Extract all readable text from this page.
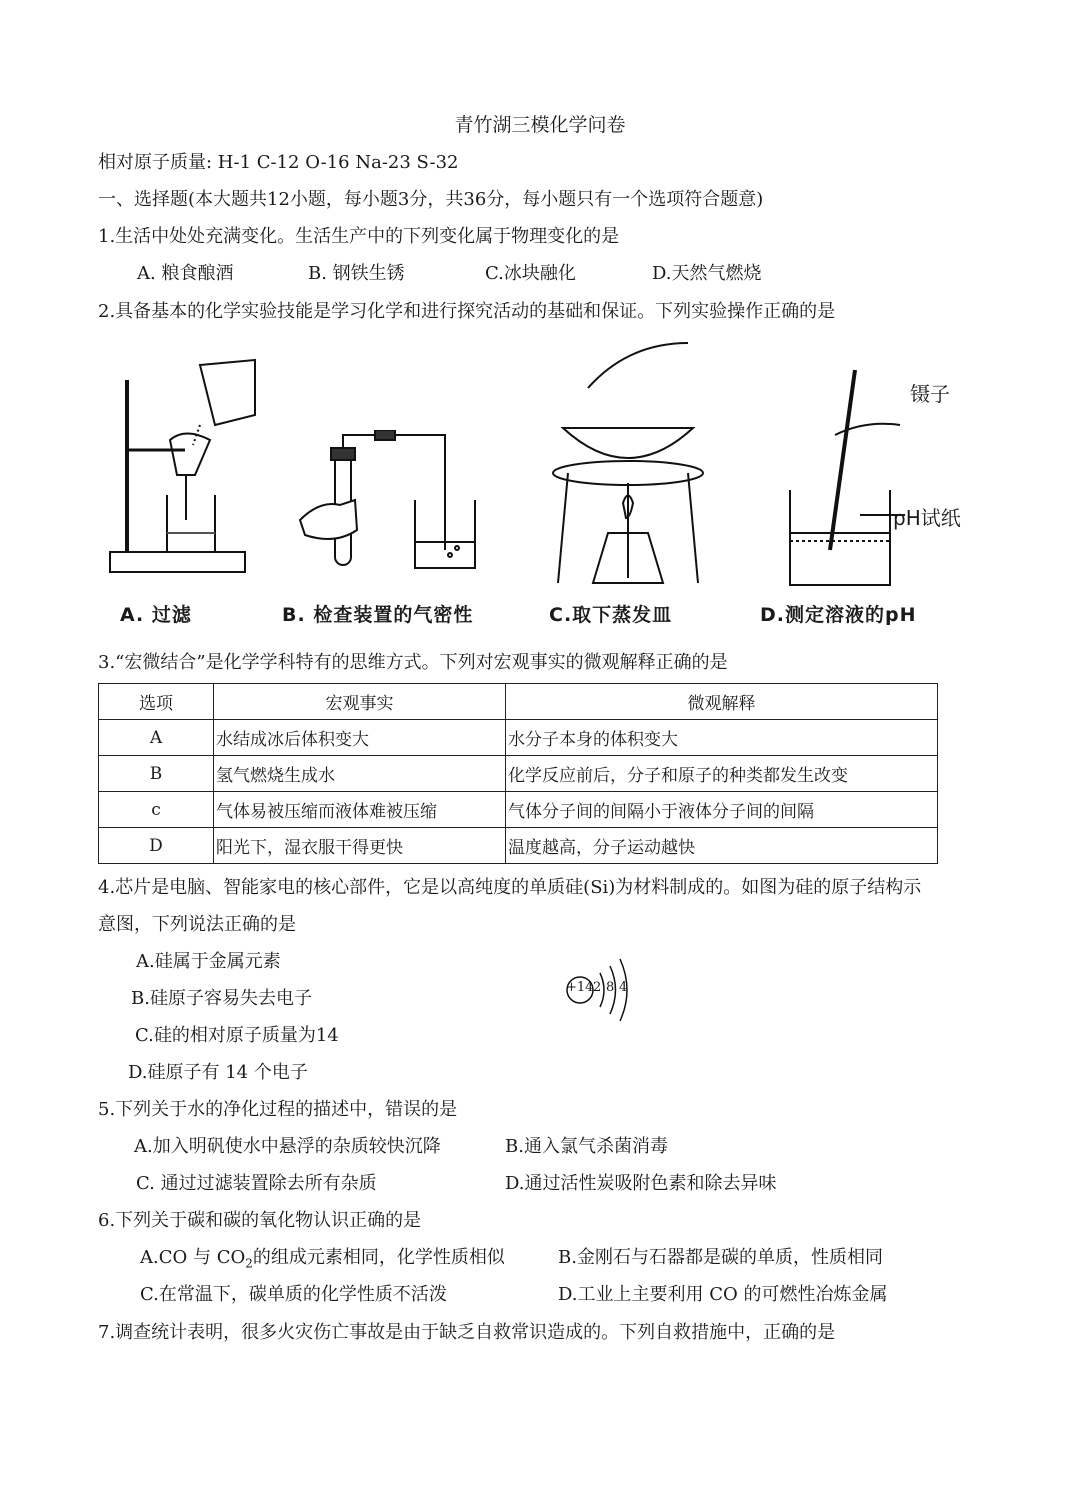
青竹湖三模化学问卷
相对原子质量: H-1 C-12 O-16 Na-23 S-32
一、选择题(本大题共12小题，每小题3分，共36分，每小题只有一个选项符合题意)
1.生活中处处充满变化。生活生产中的下列变化属于物理变化的是
A. 粮食酿酒	B. 钢铁生锈	C.冰块融化	D.天然气燃烧
2.具备基本的化学实验技能是学习化学和进行探究活动的基础和保证。下列实验操作正确的是
镊子
pH试纸
A. 过滤	B. 检查装置的气密性	C.取下蒸发皿	D.测定溶液的pH
3.“宏微结合”是化学学科特有的思维方式。下列对宏观事实的微观解释正确的是
选项	宏观事实	微观解释
A	水结成冰后体积变大	水分子本身的体积变大
B	氢气燃烧生成水	化学反应前后，分子和原子的种类都发生改变
c	气体易被压缩而液体难被压缩	气体分子间的间隔小于液体分子间的间隔
D	阳光下，湿衣服干得更快	温度越高，分子运动越快
4.芯片是电脑、智能家电的核心部件，它是以高纯度的单质硅(Si)为材料制成的。如图为硅的原子结构示
意图，下列说法正确的是
A.硅属于金属元素
B.硅原子容易失去电子
C.硅的相对原子质量为14
D.硅原子有 14 个电子
+14 2 8 4
5.下列关于水的净化过程的描述中，错误的是
A.加入明矾使水中悬浮的杂质较快沉降	B.通入氯气杀菌消毒
C. 通过过滤装置除去所有杂质	D.通过活性炭吸附色素和除去异味
6.下列关于碳和碳的氧化物认识正确的是
A.CO 与 $CO_2$的组成元素相同，化学性质相似	B.金刚石与石器都是碳的单质，性质相同
C.在常温下，碳单质的化学性质不活泼	D.工业上主要利用 CO 的可燃性冶炼金属
7.调查统计表明，很多火灾伤亡事故是由于缺乏自救常识造成的。下列自救措施中，正确的是
